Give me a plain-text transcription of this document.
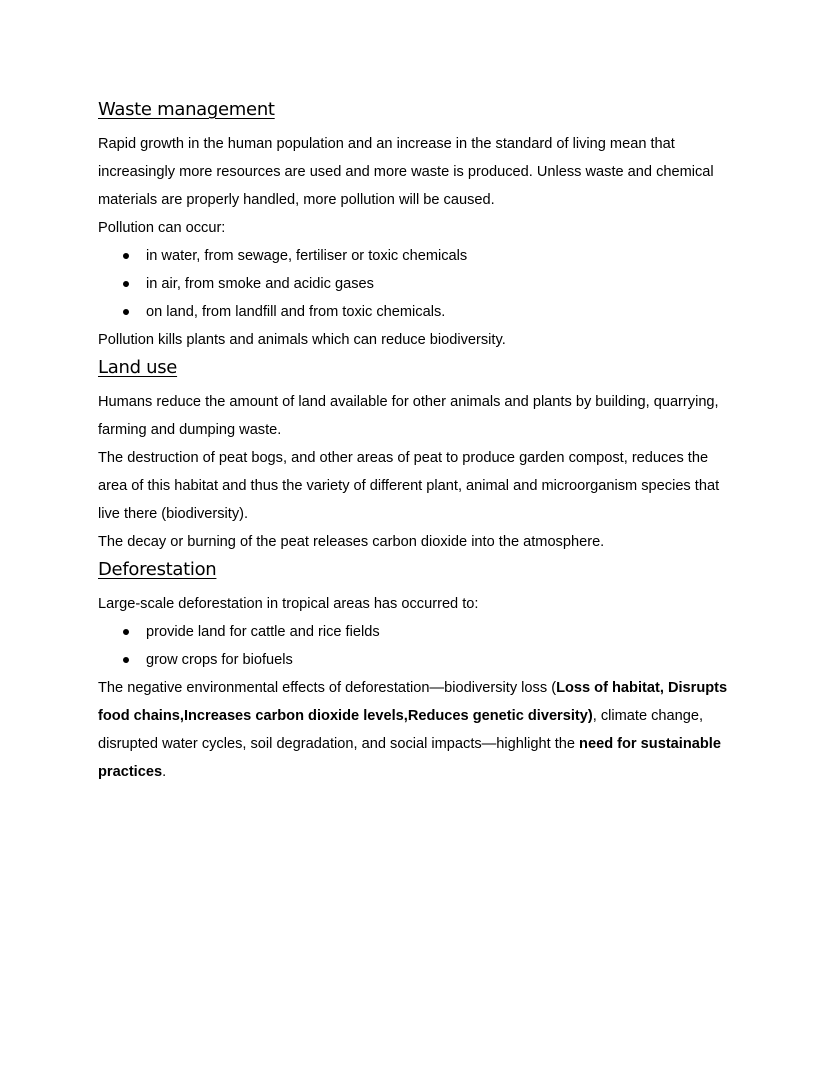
Waste management

Rapid growth in the human population and an increase in the standard of living mean that increasingly more resources are used and more waste is produced. Unless waste and chemical materials are properly handled, more pollution will be caused.

Pollution can occur:

in water, from sewage, fertiliser or toxic chemicals
in air, from smoke and acidic gases
on land, from landfill and from toxic chemicals.

Pollution kills plants and animals which can reduce biodiversity.

Land use

Humans reduce the amount of land available for other animals and plants by building, quarrying, farming and dumping waste.

The destruction of peat bogs, and other areas of peat to produce garden compost, reduces the area of this habitat and thus the variety of different plant, animal and microorganism species that live there (biodiversity).

The decay or burning of the peat releases carbon dioxide into the atmosphere.

Deforestation

Large-scale deforestation in tropical areas has occurred to:

provide land for cattle and rice fields
grow crops for biofuels

The negative environmental effects of deforestation—biodiversity loss (Loss of habitat, Disrupts food chains,Increases carbon dioxide levels,Reduces genetic diversity), climate change, disrupted water cycles, soil degradation, and social impacts—highlight the need for sustainable practices.
